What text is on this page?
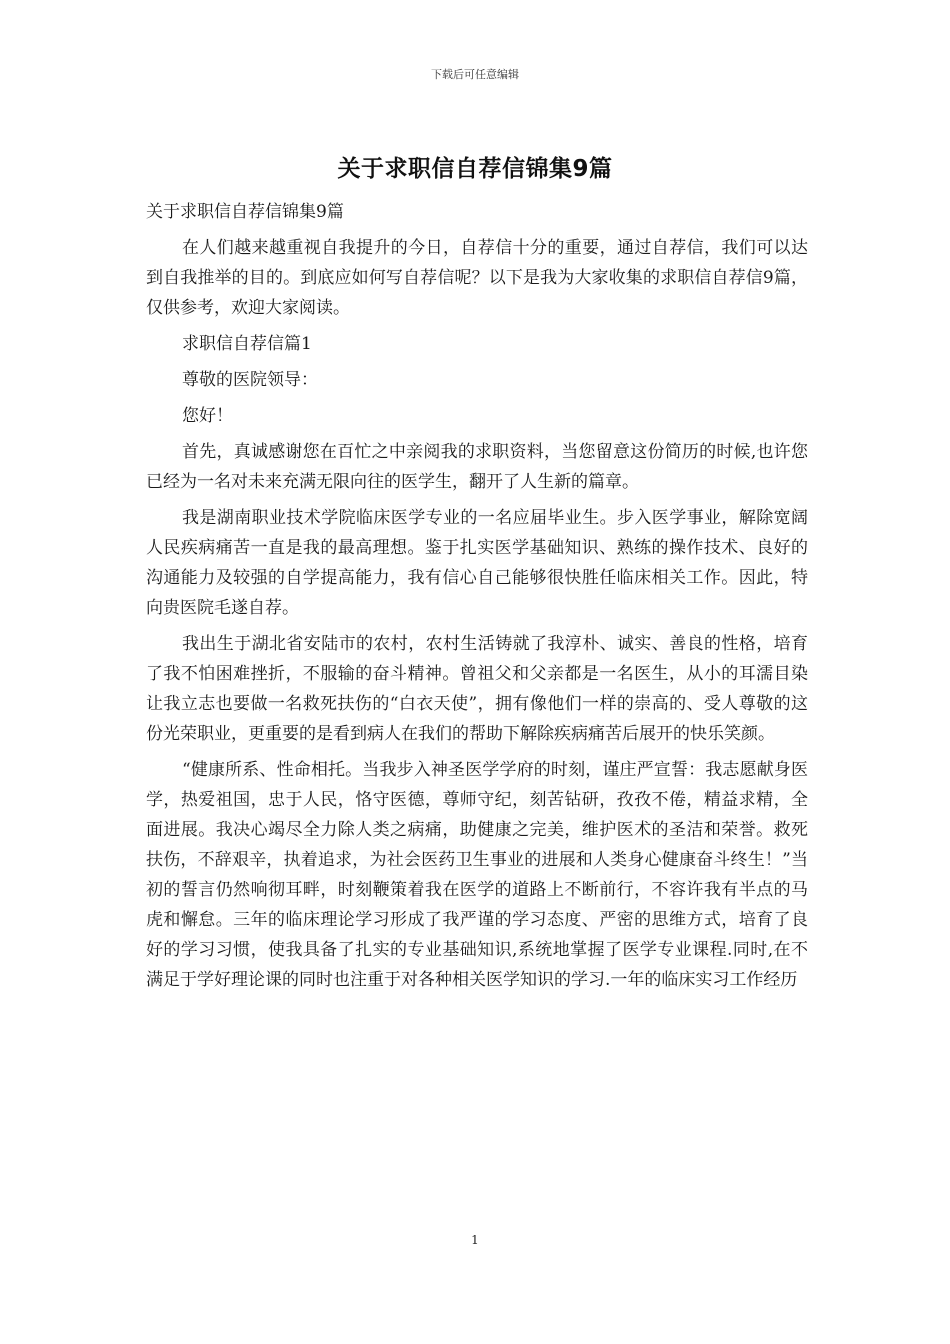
下载后可任意编辑
关于求职信自荐信锦集9篇

关于求职信自荐信锦集9篇

在人们越来越重视自我提升的今日，自荐信十分的重要，通过自荐信，我们可以达到自我推举的目的。到底应如何写自荐信呢？以下是我为大家收集的求职信自荐信9篇，仅供参考，欢迎大家阅读。

求职信自荐信篇1

尊敬的医院领导：

您好！

首先，真诚感谢您在百忙之中亲阅我的求职资料，当您留意这份简历的时候,也许您已经为一名对未来充满无限向往的医学生，翻开了人生新的篇章。

我是湖南职业技术学院临床医学专业的一名应届毕业生。步入医学事业，解除宽阔人民疾病痛苦一直是我的最高理想。鉴于扎实医学基础知识、熟练的操作技术、良好的沟通能力及较强的自学提高能力，我有信心自己能够很快胜任临床相关工作。因此，特向贵医院毛遂自荐。

我出生于湖北省安陆市的农村，农村生活铸就了我淳朴、诚实、善良的性格，培育了我不怕困难挫折，不服输的奋斗精神。曾祖父和父亲都是一名医生，从小的耳濡目染让我立志也要做一名救死扶伤的“白衣天使”，拥有像他们一样的崇高的、受人尊敬的这份光荣职业，更重要的是看到病人在我们的帮助下解除疾病痛苦后展开的快乐笑颜。

“健康所系、性命相托。当我步入神圣医学学府的时刻，谨庄严宣誓：我志愿献身医学，热爱祖国，忠于人民，恪守医德，尊师守纪，刻苦钻研，孜孜不倦，精益求精，全面进展。我决心竭尽全力除人类之病痛，助健康之完美，维护医术的圣洁和荣誉。救死扶伤，不辞艰辛，执着追求，为社会医药卫生事业的进展和人类身心健康奋斗终生！”当初的誓言仍然响彻耳畔，时刻鞭策着我在医学的道路上不断前行，不容许我有半点的马虎和懈怠。三年的临床理论学习形成了我严谨的学习态度、严密的思维方式，培育了良好的学习习惯，使我具备了扎实的专业基础知识,系统地掌握了医学专业课程.同时,在不满足于学好理论课的同时也注重于对各种相关医学知识的学习.一年的临床实习工作经历

1
